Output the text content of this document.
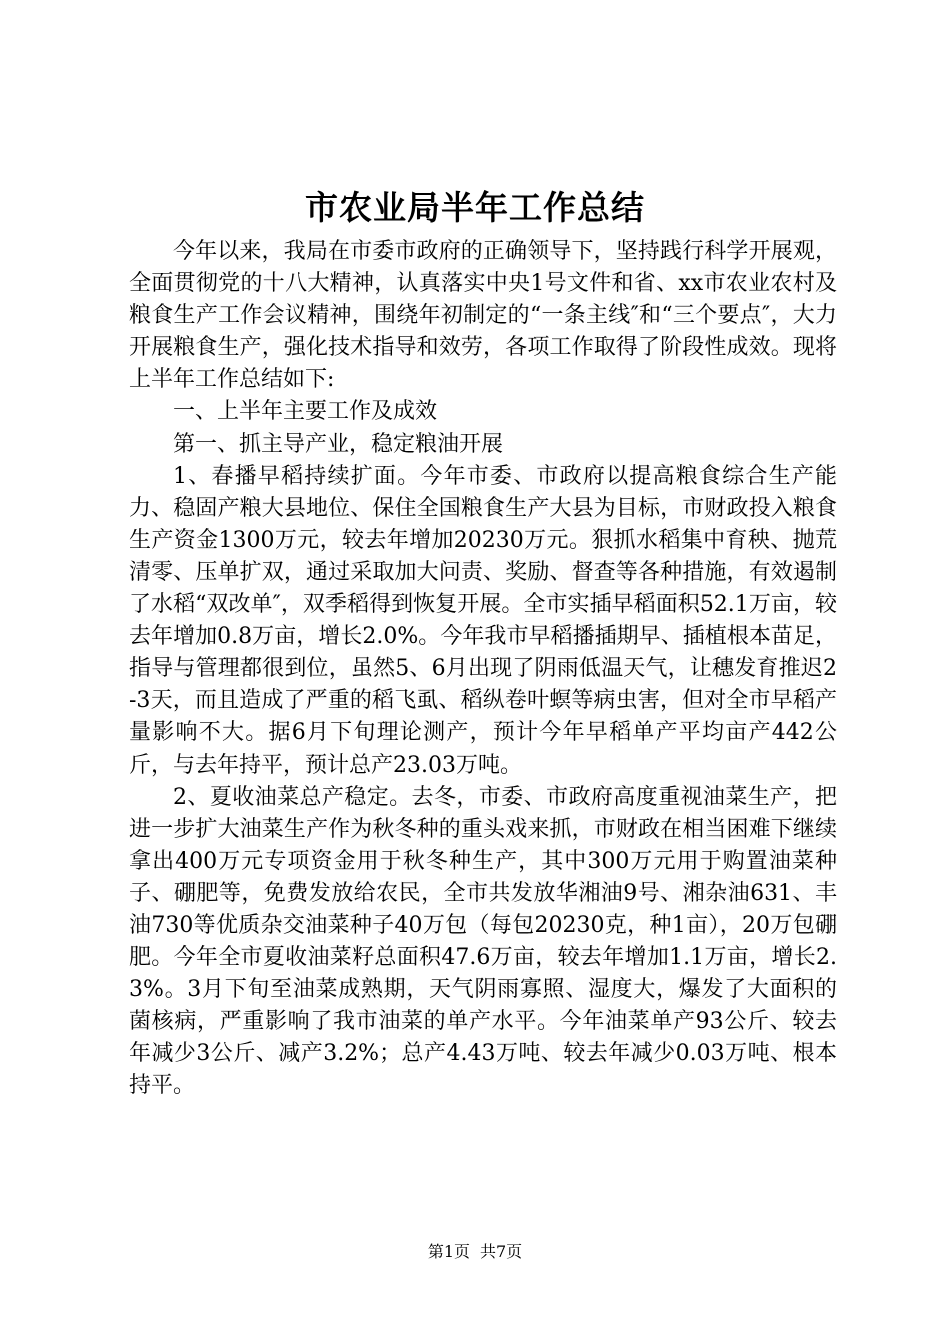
市农业局半年工作总结

今年以来，我局在市委市政府的正确领导下，坚持践行科学开展观，全面贯彻党的十八大精神，认真落实中央1号文件和省、xx市农业农村及粮食生产工作会议精神，围绕年初制定的“一条主线″和“三个要点″，大力开展粮食生产，强化技术指导和效劳，各项工作取得了阶段性成效。现将上半年工作总结如下:

一、上半年主要工作及成效

第一、抓主导产业，稳定粮油开展

1、春播早稻持续扩面。今年市委、市政府以提高粮食综合生产能力、稳固产粮大县地位、保住全国粮食生产大县为目标，市财政投入粮食生产资金1300万元，较去年增加20230万元。狠抓水稻集中育秧、抛荒清零、压单扩双，通过采取加大问责、奖励、督查等各种措施，有效遏制了水稻“双改单″，双季稻得到恢复开展。全市实插早稻面积52.1万亩，较去年增加0.8万亩，增长2.0%。今年我市早稻播插期早、插植根本苗足，指导与管理都很到位，虽然5、6月出现了阴雨低温天气，让穗发育推迟2-3天，而且造成了严重的稻飞虱、稻纵卷叶螟等病虫害，但对全市早稻产量影响不大。据6月下旬理论测产，预计今年早稻单产平均亩产442公斤，与去年持平，预计总产23.03万吨。

2、夏收油菜总产稳定。去冬，市委、市政府高度重视油菜生产，把进一步扩大油菜生产作为秋冬种的重头戏来抓，市财政在相当困难下继续拿出400万元专项资金用于秋冬种生产，其中300万元用于购置油菜种子、硼肥等，免费发放给农民，全市共发放华湘油9号、湘杂油631、丰油730等优质杂交油菜种子40万包（每包20230克，种1亩），20万包硼肥。今年全市夏收油菜籽总面积47.6万亩，较去年增加1.1万亩，增长2.3%。3月下旬至油菜成熟期，天气阴雨寡照、湿度大，爆发了大面积的菌核病，严重影响了我市油菜的单产水平。今年油菜单产93公斤、较去年减少3公斤、减产3.2%；总产4.43万吨、较去年减少0.03万吨、根本持平。

第1页 共7页
